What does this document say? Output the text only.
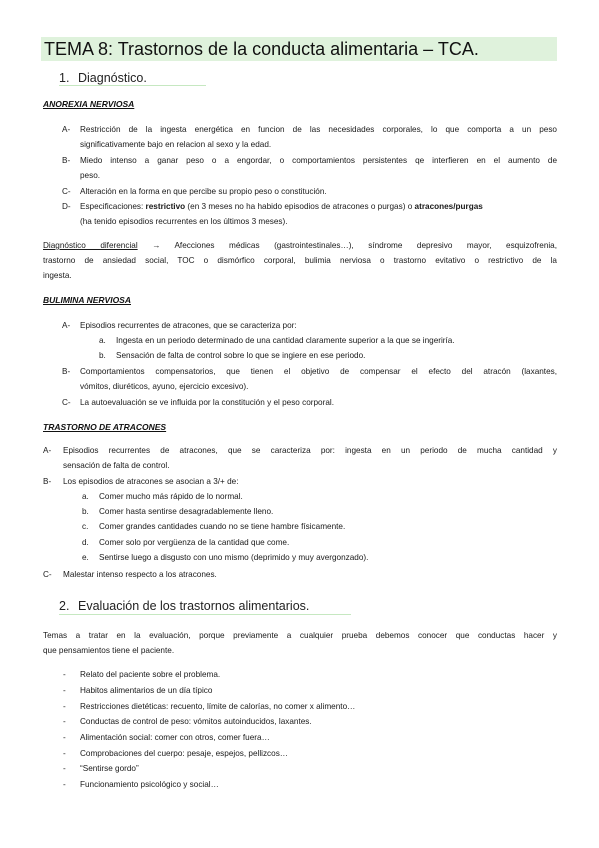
TEMA 8: Trastornos de la conducta alimentaria – TCA.
1. Diagnóstico.
ANOREXIA NERVIOSA
A- Restricción de la ingesta energética en funcion de las necesidades corporales, lo que comporta a un peso
significativamente bajo en relacion al sexo y la edad.
B- Miedo intenso a ganar peso o a engordar, o comportamientos persistentes qe interfieren en el aumento de
peso.
C- Alteración en la forma en que percibe su propio peso o constitución.
D- Especificaciones: restrictivo (en 3 meses no ha habido episodios de atracones o purgas) o atracones/purgas
(ha tenido episodios recurrentes en los últimos 3 meses).
Diagnóstico diferencial → Afecciones médicas (gastrointestinales…), síndrome depresivo mayor, esquizofrenia,
trastorno de ansiedad social, TOC o dismórfico corporal, bulimia nerviosa o trastorno evitativo o restrictivo de la
ingesta.
BULIMINA NERVIOSA
A- Episodios recurrentes de atracones, que se caracteriza por:
a. Ingesta en un periodo determinado de una cantidad claramente superior a la que se ingeriría.
b. Sensación de falta de control sobre lo que se ingiere en ese periodo.
B- Comportamientos compensatorios, que tienen el objetivo de compensar el efecto del atracón (laxantes,
vómitos, diuréticos, ayuno, ejercicio excesivo).
C- La autoevaluación se ve influida por la constitución y el peso corporal.
TRASTORNO DE ATRACONES
A- Episodios recurrentes de atracones, que se caracteriza por: ingesta en un periodo de mucha cantidad y
sensación de falta de control.
B- Los episodios de atracones se asocian a 3/+ de:
a. Comer mucho más rápido de lo normal.
b. Comer hasta sentirse desagradablemente lleno.
c. Comer grandes cantidades cuando no se tiene hambre físicamente.
d. Comer solo por vergüenza de la cantidad que come.
e. Sentirse luego a disgusto con uno mismo (deprimido y muy avergonzado).
C- Malestar intenso respecto a los atracones.
2. Evaluación de los trastornos alimentarios.
Temas a tratar en la evaluación, porque previamente a cualquier prueba debemos conocer que conductas hacer y
que pensamientos tiene el paciente.
- Relato del paciente sobre el problema.
- Habitos alimentarios de un día típico
- Restricciones dietéticas: recuento, límite de calorías, no comer x alimento…
- Conductas de control de peso: vómitos autoinducidos, laxantes.
- Alimentación social: comer con otros, comer fuera…
- Comprobaciones del cuerpo: pesaje, espejos, pellizcos…
- “Sentirse gordo”
- Funcionamiento psicológico y social…
